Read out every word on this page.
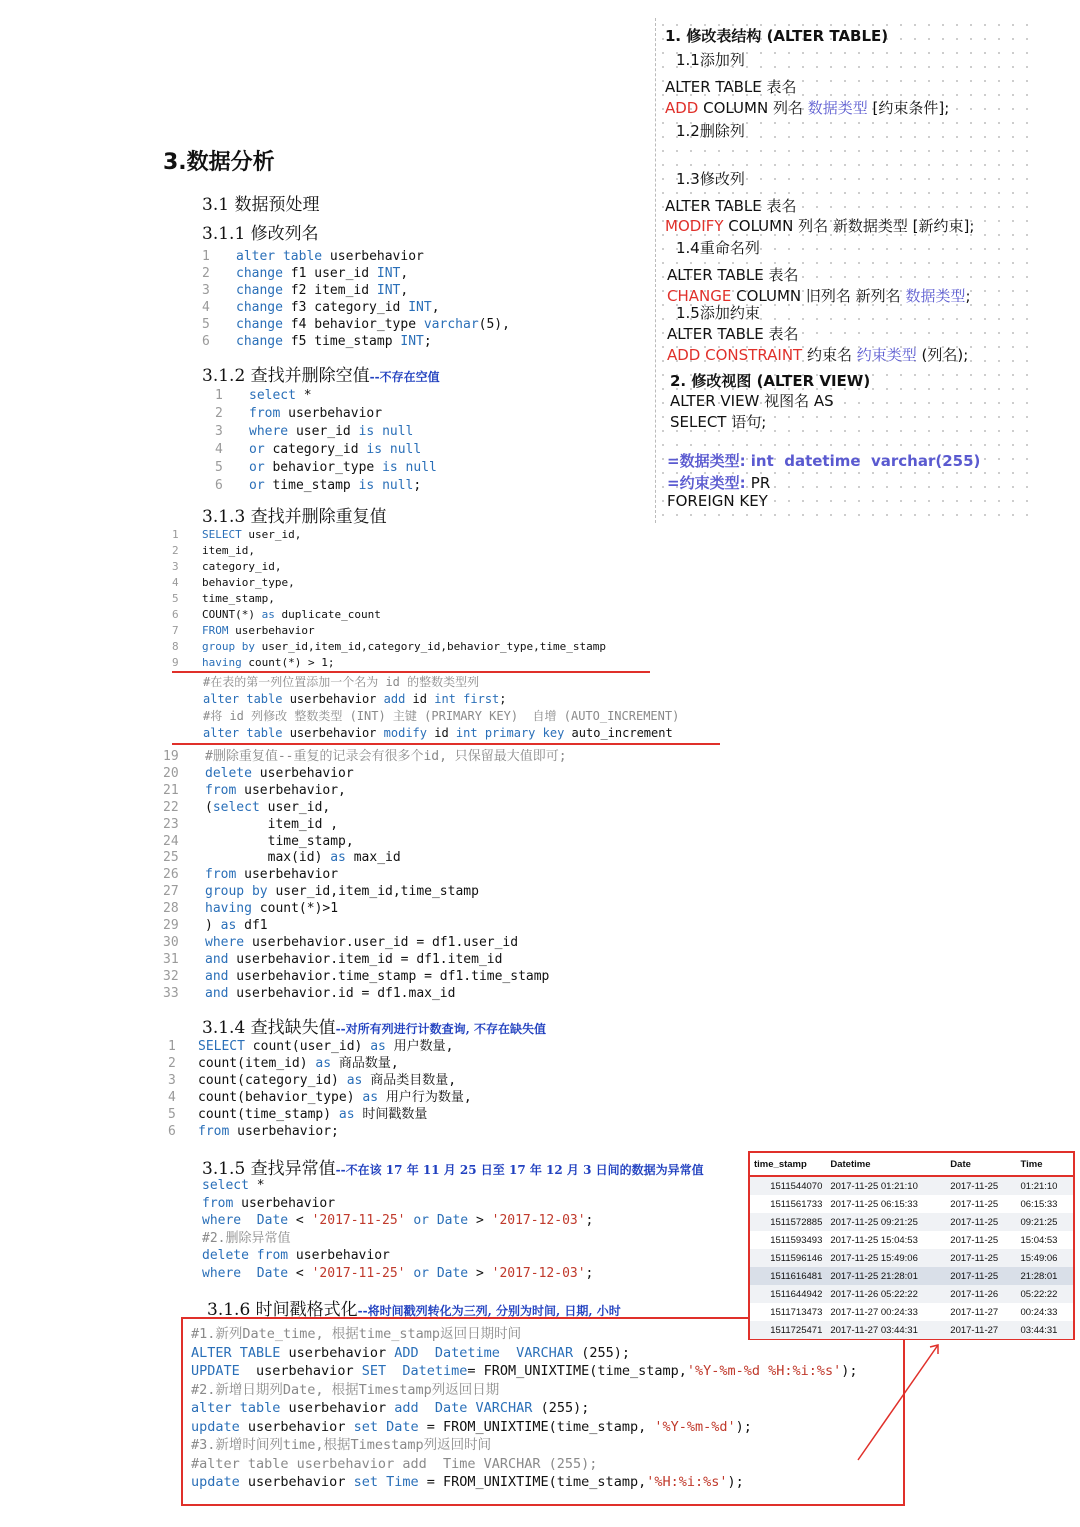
3.数据分析
3.1 数据预处理
3.1.1 修改列名
1 alter table userbehavior
2 change f1 user_id INT,
3 change f2 item_id INT,
4 change f3 category_id INT,
5 change f4 behavior_type varchar(5),
6 change f5 time_stamp INT;
3.1.2 查找并删除空值--不存在空值
1 select *
2 from userbehavior
3 where user_id is null
4 or category_id is null
5 or behavior_type is null
6 or time_stamp is null;
3.1.3 查找并删除重复值
1 SELECT user_id,
2 item_id,
3 category_id,
4 behavior_type,
5 time_stamp,
6 COUNT(*) as duplicate_count
7 FROM userbehavior
8 group by user_id,item_id,category_id,behavior_type,time_stamp
9 having count(*) > 1;
#在表的第一列位置添加一个名为 id 的整数类型列
alter table userbehavior add id int first;
#将 id 列修改 整数类型 (INT) 主键 (PRIMARY KEY)  自增 (AUTO_INCREMENT)
alter table userbehavior modify id int primary key auto_increment
19 #删除重复值--重复的记录会有很多个id, 只保留最大值即可;
20 delete userbehavior
21 from userbehavior,
22 (select user_id,
23        item_id ,
24        time_stamp,
25        max(id) as max_id
26 from userbehavior
27 group by user_id,item_id,time_stamp
28 having count(*)>1
29 ) as df1
30 where userbehavior.user_id = df1.user_id
31 and userbehavior.item_id = df1.item_id
32 and userbehavior.time_stamp = df1.time_stamp
33 and userbehavior.id = df1.max_id
3.1.4 查找缺失值--对所有列进行计数查询, 不存在缺失值
1 SELECT count(user_id) as 用户数量,
2 count(item_id) as 商品数量,
3 count(category_id) as 商品类目数量,
4 count(behavior_type) as 用户行为数量,
5 count(time_stamp) as 时间戳数量
6 from userbehavior;
3.1.5 查找异常值--不在该 17 年 11 月 25 日至 17 年 12 月 3 日间的数据为异常值
select *
from userbehavior
where Date < '2017-11-25' or Date > '2017-12-03';
#2.删除异常值
delete from userbehavior
where Date < '2017-11-25' or Date > '2017-12-03';
3.1.6 时间戳格式化--将时间戳列转化为三列, 分别为时间, 日期, 小时
#1.新列Date_time, 根据time_stamp返回日期时间
ALTER TABLE userbehavior ADD Datetime VARCHAR (255);
UPDATE  userbehavior SET Datetime= FROM_UNIXTIME(time_stamp,'%Y-%m-%d %H:%i:%s');
#2.新增日期列Date, 根据Timestamp列返回日期
alter table userbehavior add Date VARCHAR (255);
update userbehavior set Date = FROM_UNIXTIME(time_stamp, '%Y-%m-%d');
#3.新增时间列time,根据Timestamp列返回时间
#alter table userbehavior add  Time VARCHAR (255);
update userbehavior set Time = FROM_UNIXTIME(time_stamp,'%H:%i:%s');
1. 修改表结构 (ALTER TABLE)
1.1添加列
ALTER TABLE 表名
ADD COLUMN 列名 数据类型 [约束条件];
1.2删除列
1.3修改列
ALTER TABLE 表名
MODIFY COLUMN 列名 新数据类型 [新约束];
1.4重命名列
ALTER TABLE 表名
CHANGE COLUMN 旧列名 新列名 数据类型;
1.5添加约束
ALTER TABLE 表名
ADD CONSTRAINT 约束名 约束类型 (列名);
2. 修改视图 (ALTER VIEW)
ALTER VIEW 视图名 AS
SELECT 语句;
=数据类型: int  datetime  varchar(255)
=约束类型: PR
FOREIGN KEY
time_stamp	Datetime	Date	Time
1511544070	2017-11-25 01:21:10	2017-11-25	01:21:10
1511561733	2017-11-25 06:15:33	2017-11-25	06:15:33
1511572885	2017-11-25 09:21:25	2017-11-25	09:21:25
1511593493	2017-11-25 15:04:53	2017-11-25	15:04:53
1511596146	2017-11-25 15:49:06	2017-11-25	15:49:06
1511616481	2017-11-25 21:28:01	2017-11-25	21:28:01
1511644942	2017-11-26 05:22:22	2017-11-26	05:22:22
1511713473	2017-11-27 00:24:33	2017-11-27	00:24:33
1511725471	2017-11-27 03:44:31	2017-11-27	03:44:31
